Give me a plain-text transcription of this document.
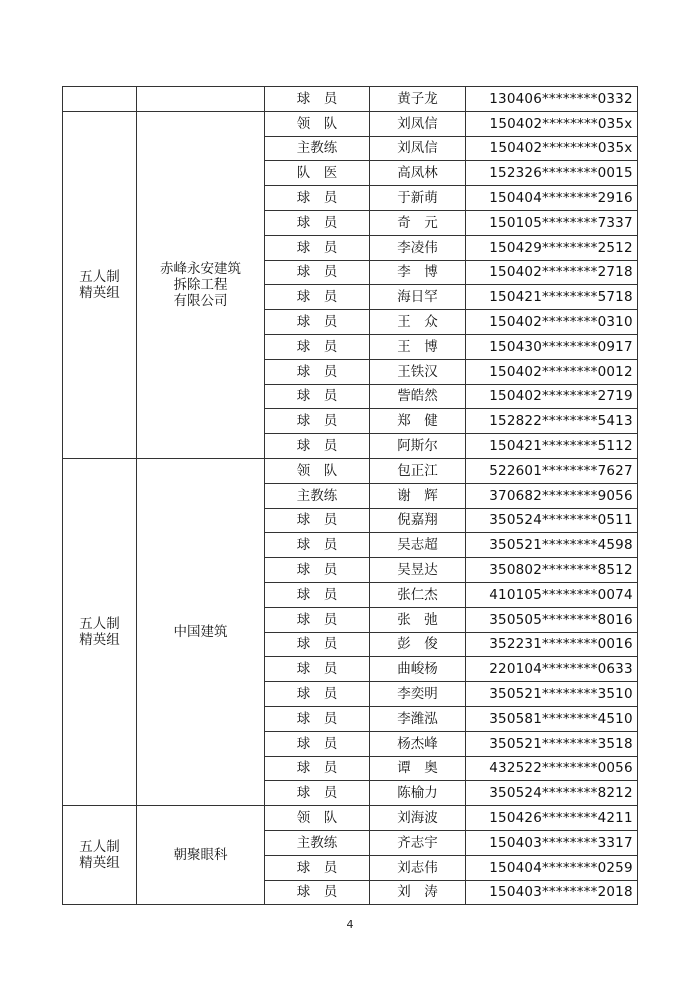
		球　员	黄子龙	130406********0332
五人制
精英组	赤峰永安建筑
拆除工程
有限公司	领　队	刘凤信	150402********035x
		主教练	刘凤信	150402********035x
		队　医	高凤林	152326********0015
		球　员	于新萌	150404********2916
		球　员	奇　元	150105********7337
		球　员	李凌伟	150429********2512
		球　员	李　博	150402********2718
		球　员	海日罕	150421********5718
		球　员	王　众	150402********0310
		球　员	王　博	150430********0917
		球　员	王铁汉	150402********0012
		球　员	訾皓然	150402********2719
		球　员	郑　健	152822********5413
		球　员	阿斯尔	150421********5112
五人制
精英组	中国建筑	领　队	包正江	522601********7627
		主教练	谢　辉	370682********9056
		球　员	倪嘉翔	350524********0511
		球　员	吴志超	350521********4598
		球　员	吴昱达	350802********8512
		球　员	张仁杰	410105********0074
		球　员	张　弛	350505********8016
		球　员	彭　俊	352231********0016
		球　员	曲峻杨	220104********0633
		球　员	李奕明	350521********3510
		球　员	李潍泓	350581********4510
		球　员	杨杰峰	350521********3518
		球　员	谭　奥	432522********0056
		球　员	陈榆力	350524********8212
五人制
精英组	朝聚眼科	领　队	刘海波	150426********4211
		主教练	齐志宇	150403********3317
		球　员	刘志伟	150404********0259
		球　员	刘　涛	150403********2018
4
